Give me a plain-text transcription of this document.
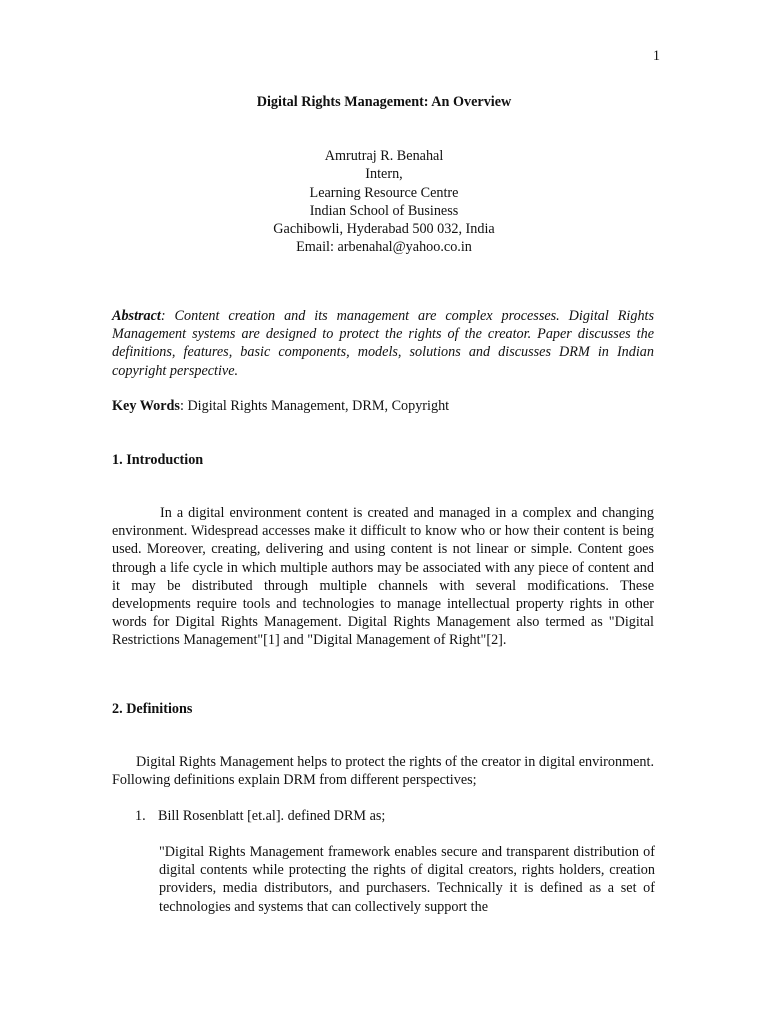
1
Digital Rights Management: An Overview
Amrutraj R. Benahal
Intern,
Learning Resource Centre
Indian School of Business
Gachibowli, Hyderabad 500 032, India
Email: arbenahal@yahoo.co.in
Abstract: Content creation and its management are complex processes. Digital Rights Management systems are designed to protect the rights of the creator. Paper discusses the definitions, features, basic components, models, solutions and discusses DRM in Indian copyright perspective.
Key Words: Digital Rights Management, DRM, Copyright
1. Introduction
In a digital environment content is created and managed in a complex and changing environment. Widespread accesses make it difficult to know who or how their content is being used. Moreover, creating, delivering and using content is not linear or simple. Content goes through a life cycle in which multiple authors may be associated with any piece of content and it may be distributed through multiple channels with several modifications. These developments require tools and technologies to manage intellectual property rights in other words for Digital Rights Management. Digital Rights Management also termed as "Digital Restrictions Management"[1] and "Digital Management of Right"[2].
2. Definitions
Digital Rights Management helps to protect the rights of the creator in digital environment. Following definitions explain DRM from different perspectives;
1. Bill Rosenblatt [et.al]. defined DRM as;
"Digital Rights Management framework enables secure and transparent distribution of digital contents while protecting the rights of digital creators, rights holders, creation providers, media distributors, and purchasers. Technically it is defined as a set of technologies and systems that can collectively support the
